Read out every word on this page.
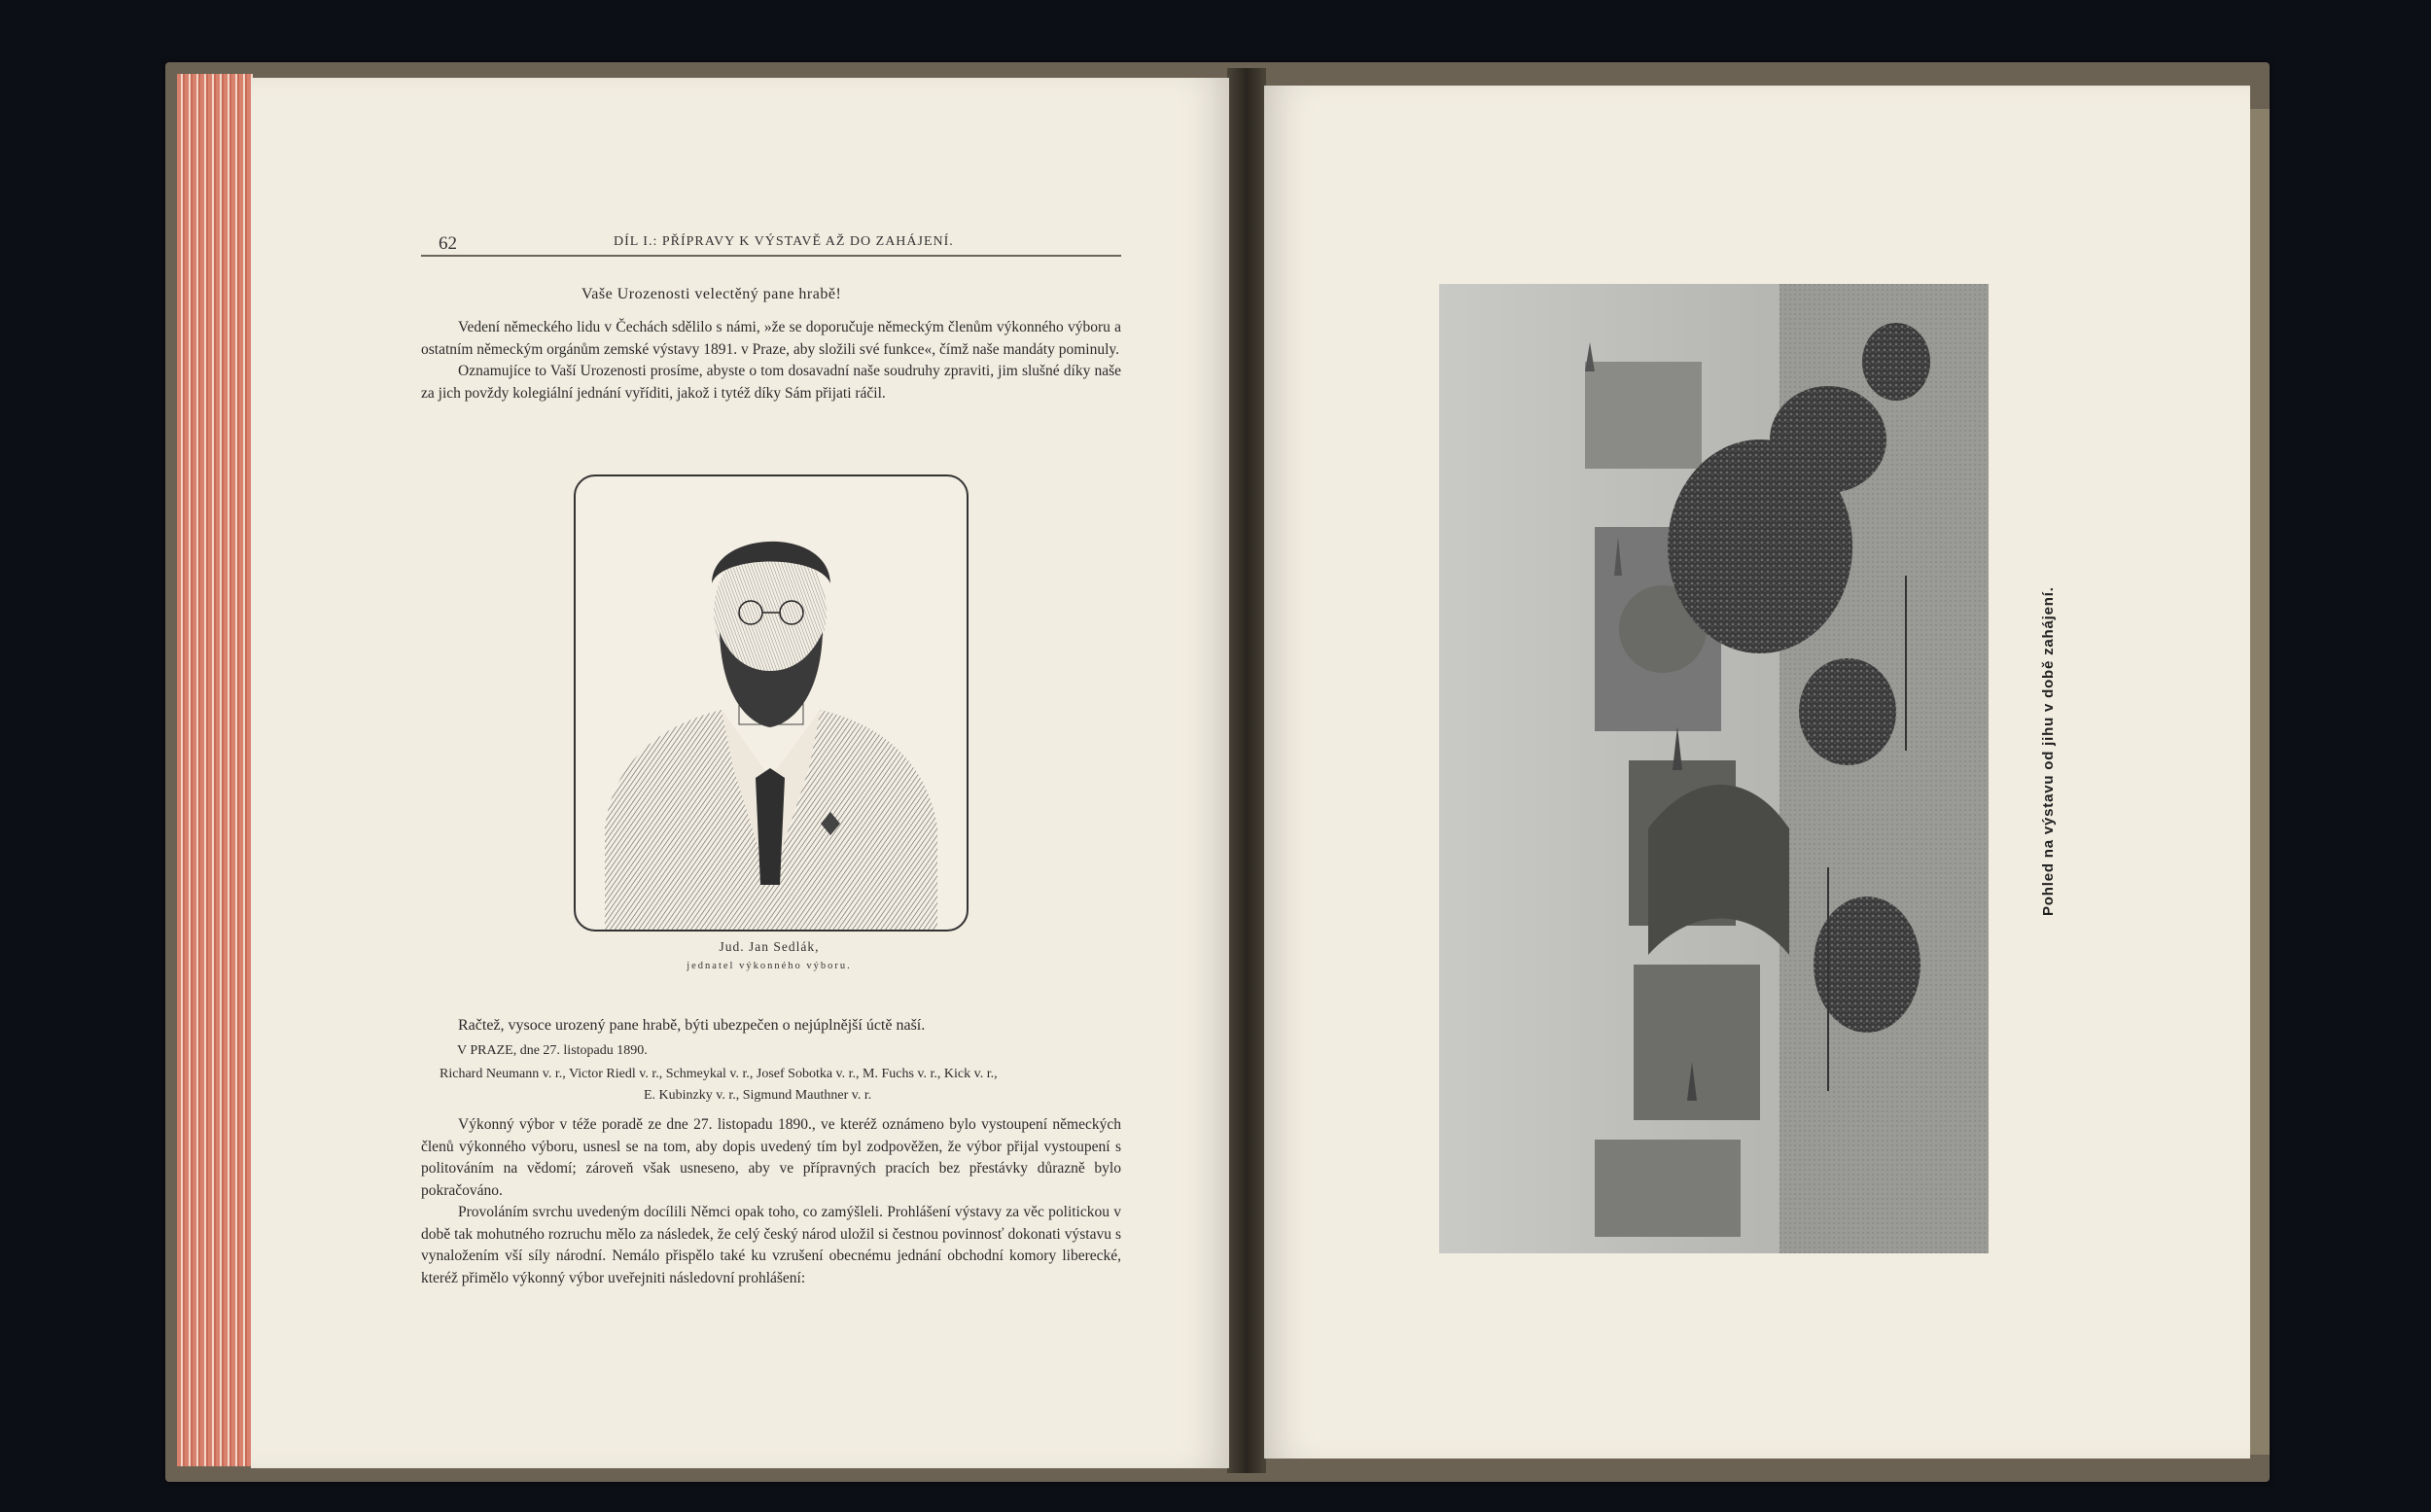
62	DÍL I.: PŘÍPRAVY K VÝSTAVĚ AŽ DO ZAHÁJENÍ.
Vaše Urozenosti velectěný pane hrabě!

Vedení německého lidu v Čechách sdělilo s námi, »že se doporučuje německým členům výkonného výboru a ostatním německým orgánům zemské výstavy 1891. v Praze, aby složili své funkce«, čímž naše mandáty pominuly.

Oznamujíce to Vaší Urozenosti prosíme, abyste o tom dosavadní naše soudruhy zpraviti, jim slušné díky naše za jich povždy kolegiální jednání vyříditi, jakož i tytéž díky Sám přijati ráčil.

Jud. Jan Sedlák,
jednatel výkonného výboru.

Račtež, vysoce urozený pane hrabě, býti ubezpečen o nejúplnější úctě naší.

V PRAZE, dne 27. listopadu 1890.
Richard Neumann v. r., Victor Riedl v. r., Schmeykal v. r., Josef Sobotka v. r., M. Fuchs v. r., Kick v. r.,
E. Kubinzky v. r., Sigmund Mauthner v. r.

Výkonný výbor v téže poradě ze dne 27. listopadu 1890., ve kteréž oznámeno bylo vystoupení německých členů výkonného výboru, usnesl se na tom, aby dopis uvedený tím byl zodpověžen, že výbor přijal vystoupení s politováním na vědomí; zároveň však usneseno, aby ve přípravných pracích bez přestávky důrazně bylo pokračováno.

Provoláním svrchu uvedeným docílili Němci opak toho, co zamýšleli. Prohlášení výstavy za věc politickou v době tak mohutného rozruchu mělo za následek, že celý český národ uložil si čestnou povinnosť dokonati výstavu s vynaložením vší síly národní. Nemálo přispělo také ku vzrušení obecnému jednání obchodní komory liberecké, kteréž přimělo výkonný výbor uveřejniti následovní prohlášení:

Pohled na výstavu od jihu v době zahájení.
